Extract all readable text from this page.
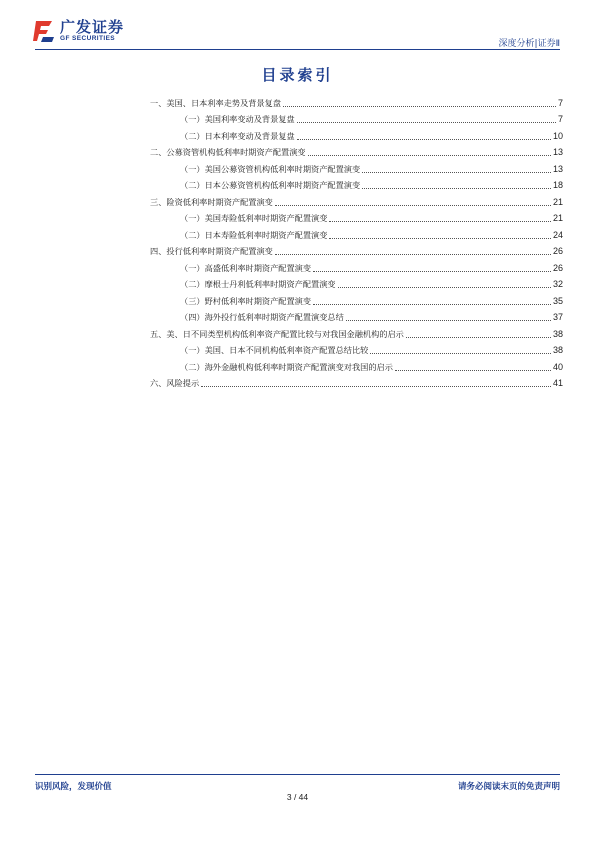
广发证券
GF SECURITIES
深度分析|证券Ⅱ
目录索引
一、美国、日本利率走势及背景复盘	7
（一）美国利率变动及背景复盘	7
（二）日本利率变动及背景复盘	10
二、公募资管机构低利率时期资产配置演变	13
（一）美国公募资管机构低利率时期资产配置演变	13
（二）日本公募资管机构低利率时期资产配置演变	18
三、险资低利率时期资产配置演变	21
（一）美国寿险低利率时期资产配置演变	21
（二）日本寿险低利率时期资产配置演变	24
四、投行低利率时期资产配置演变	26
（一）高盛低利率时期资产配置演变	26
（二）摩根士丹利低利率时期资产配置演变	32
（三）野村低利率时期资产配置演变	35
（四）海外投行低利率时期资产配置演变总结	37
五、美、日不同类型机构低利率资产配置比较与对我国金融机构的启示	38
（一）美国、日本不同机构低利率资产配置总结比较	38
（二）海外金融机构低利率时期资产配置演变对我国的启示	40
六、风险提示	41
识别风险，发现价值	请务必阅读末页的免责声明
3 / 44
